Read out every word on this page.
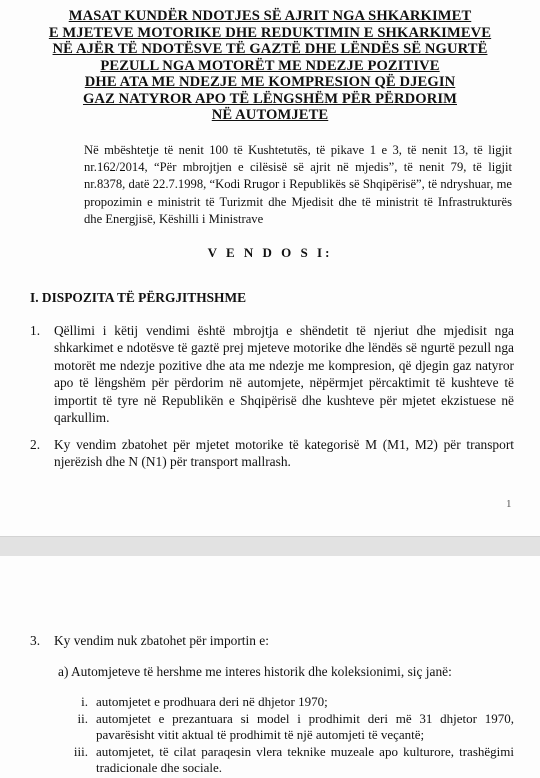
MASAT KUNDËR NDOTJES SË AJRIT NGA SHKARKIMET
E MJETEVE MOTORIKE DHE REDUKTIMIN E SHKARKIMEVE
NË AJËR TË NDOTËSVE TË GAZTË DHE LËNDËS SË NGURTË
PEZULL NGA MOTORËT ME NDEZJE POZITIVE
DHE ATA ME NDEZJE ME KOMPRESION QË DJEGIN
GAZ NATYROR APO TË LËNGSHËM PËR PËRDORIM
NË AUTOMJETE
Në mbështetje të nenit 100 të Kushtetutës, të pikave 1 e 3, të nenit 13, të ligjit nr.162/2014, “Për mbrojtjen e cilësisë së ajrit në mjedis”, të nenit 79, të ligjit nr.8378, datë 22.7.1998, “Kodi Rrugor i Republikës së Shqipërisë”, të ndryshuar, me propozimin e ministrit të Turizmit dhe Mjedisit dhe të ministrit të Infrastrukturës dhe Energjisë, Këshilli i Ministrave
V E N D O S I:
I. DISPOZITA TË PËRGJITHSHME
1. Qëllimi i këtij vendimi është mbrojtja e shëndetit të njeriut dhe mjedisit nga shkarkimet e ndotësve të gaztë prej mjeteve motorike dhe lëndës së ngurtë pezull nga motorët me ndezje pozitive dhe ata me ndezje me kompresion, që djegin gaz natyror apo të lëngshëm për përdorim në automjete, nëpërmjet përcaktimit të kushteve të importit të tyre në Republikën e Shqipërisë dhe kushteve për mjetet ekzistuese në qarkullim.
2. Ky vendim zbatohet për mjetet motorike të kategorisë M (M1, M2) për transport njerëzish dhe N (N1) për transport mallrash.
1
3. Ky vendim nuk zbatohet për importin e:
a) Automjeteve të hershme me interes historik dhe koleksionimi, siç janë:
i. automjetet e prodhuara deri në dhjetor 1970;
ii. automjetet e prezantuara si model i prodhimit deri më 31 dhjetor 1970, pavarësisht vitit aktual të prodhimit të një automjeti të veçantë;
iii. automjetet, të cilat paraqesin vlera teknike muzeale apo kulturore, trashëgimi tradicionale dhe sociale.
